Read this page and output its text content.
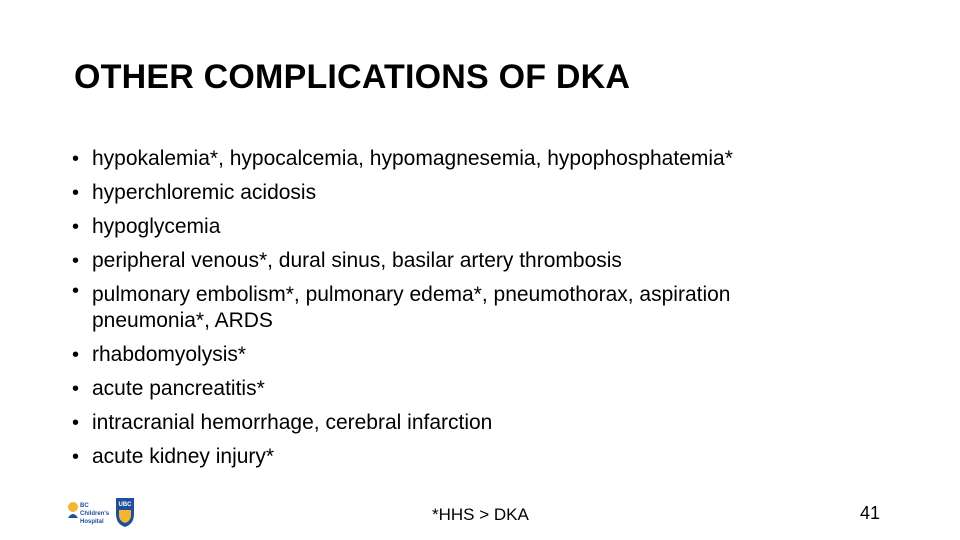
OTHER COMPLICATIONS OF DKA
• hypokalemia*, hypocalcemia, hypomagnesemia, hypophosphatemia*
• hyperchloremic acidosis
• hypoglycemia
• peripheral venous*, dural sinus, basilar artery thrombosis
• pulmonary embolism*, pulmonary edema*, pneumothorax, aspiration pneumonia*, ARDS
• rhabdomyolysis*
• acute pancreatitis*
• intracranial hemorrhage, cerebral infarction
• acute kidney injury*
BC
Children's
Hospital
UBC	*HHS > DKA	41
